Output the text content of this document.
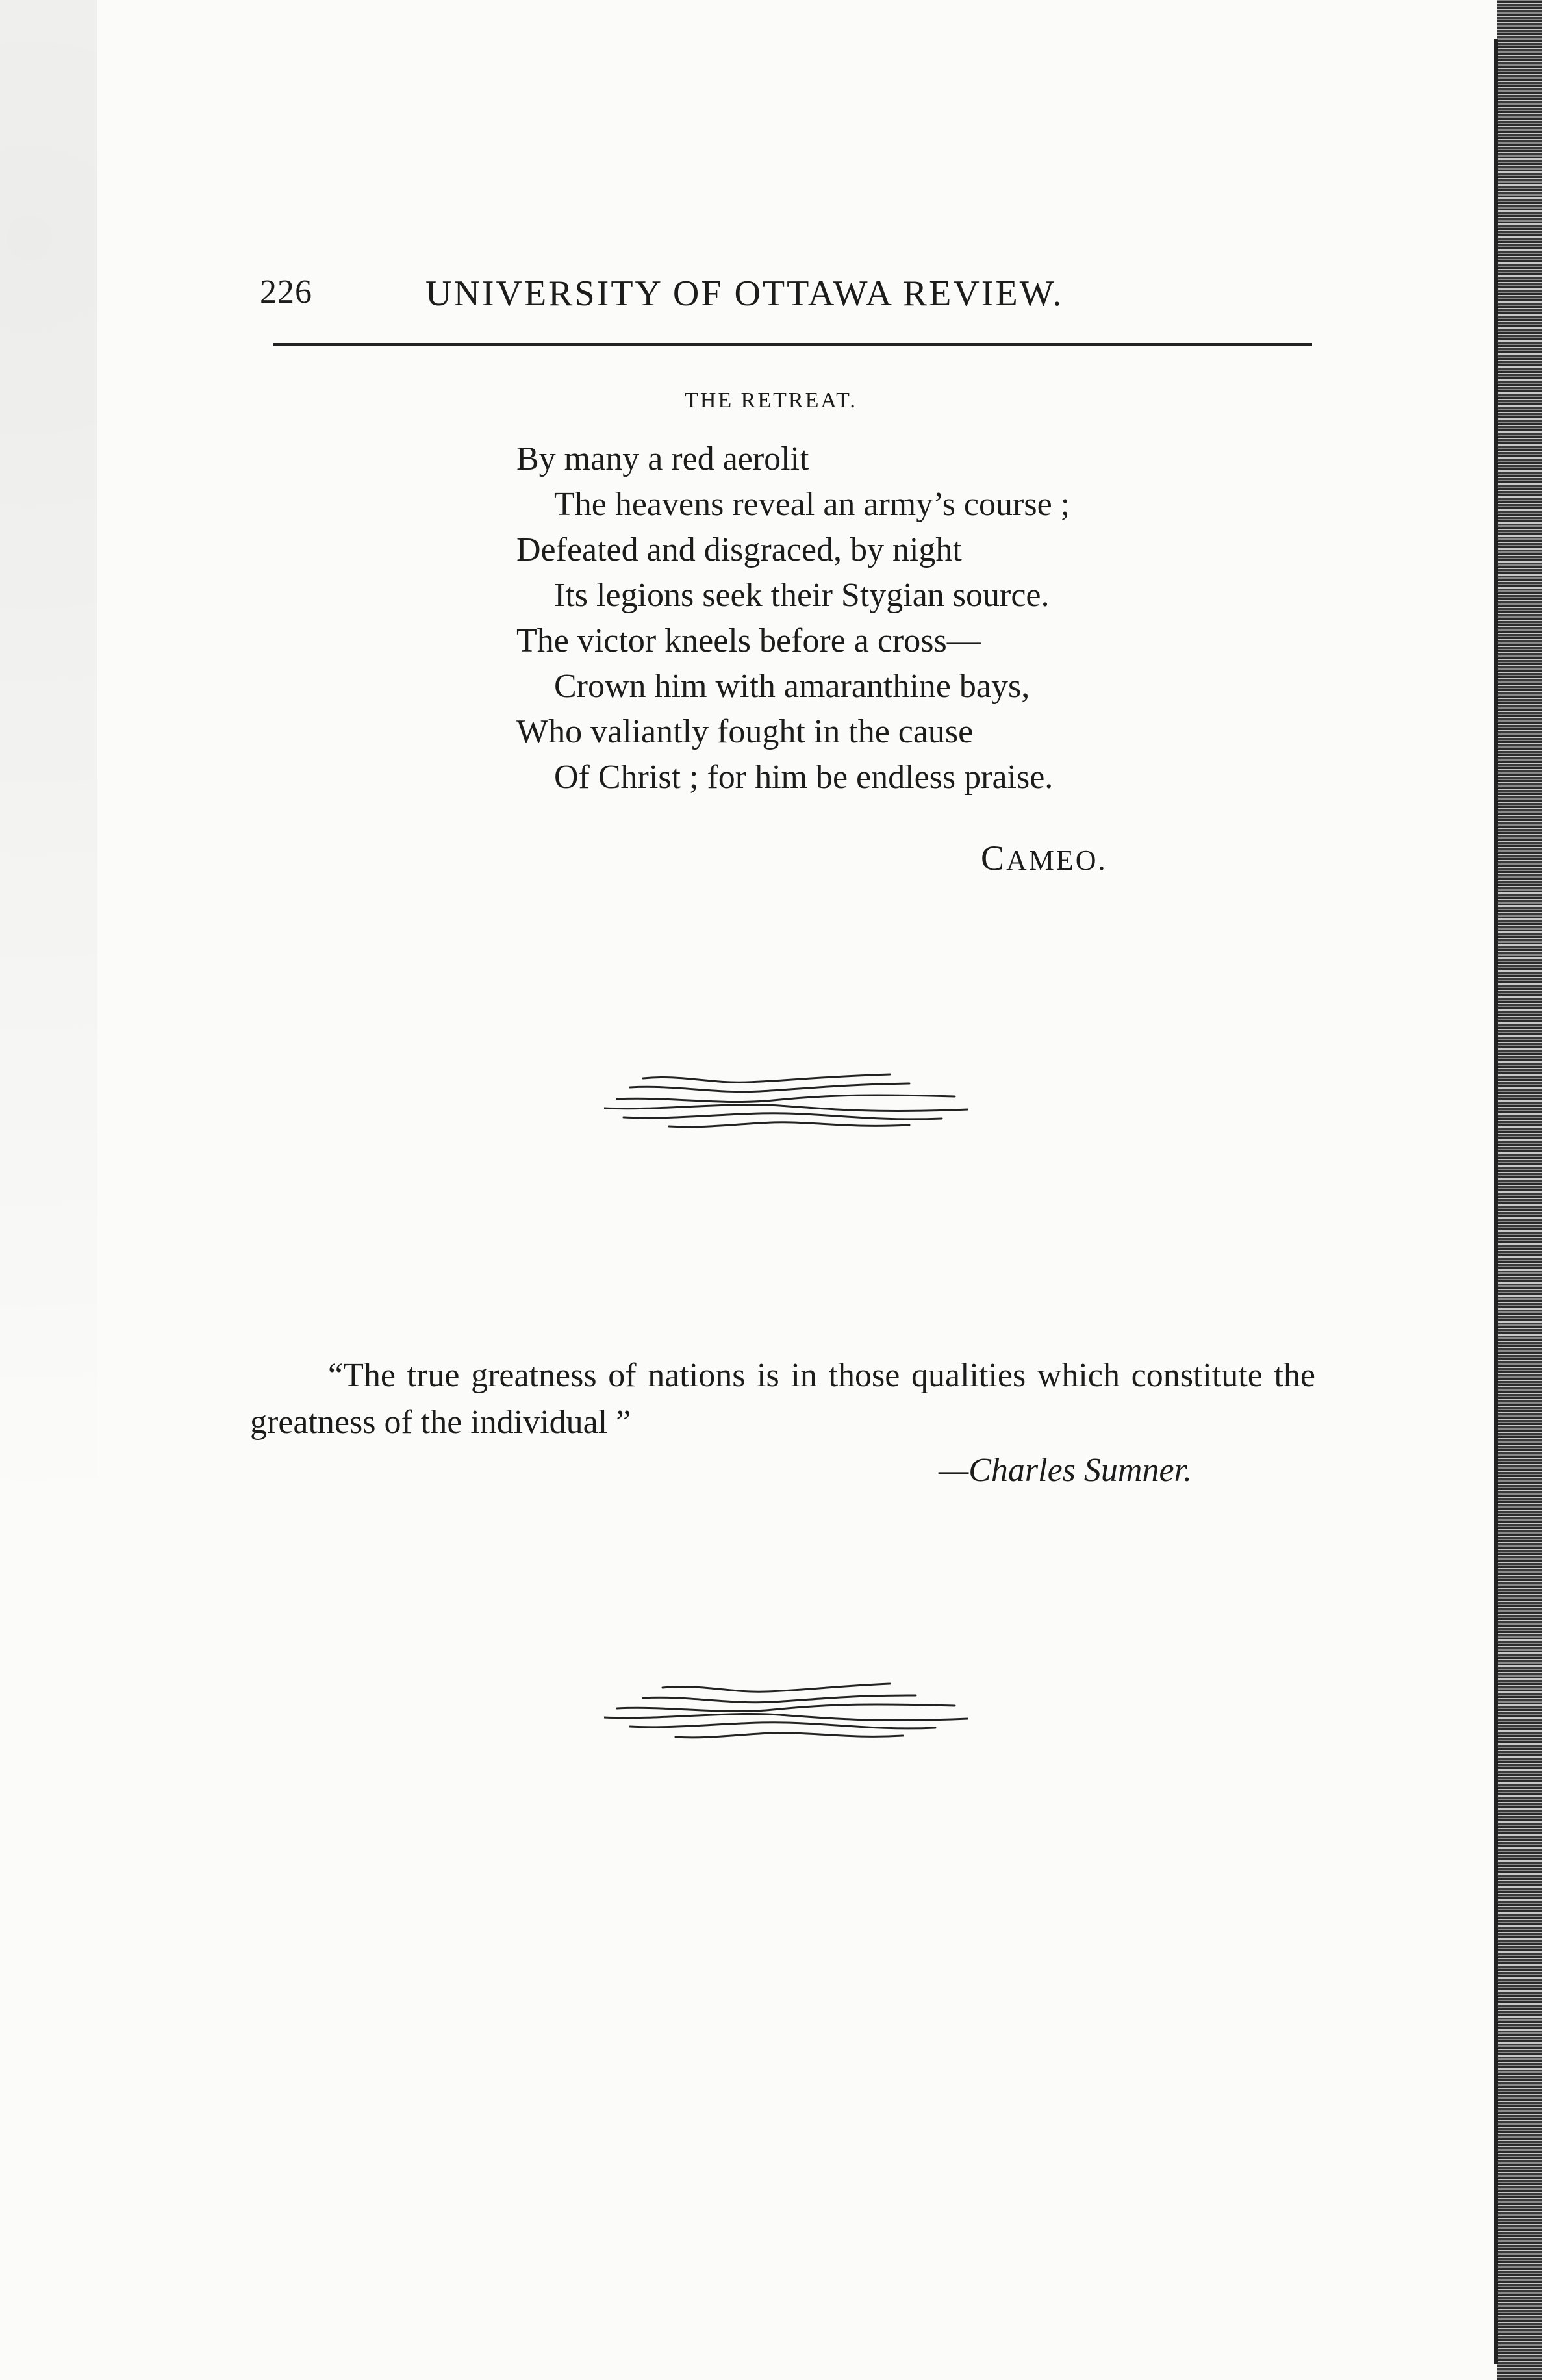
226	UNIVERSITY OF OTTAWA REVIEW.
THE RETREAT.
By many a red aerolit
The heavens reveal an army’s course ;
Defeated and disgraced, by night
Its legions seek their Stygian source.
The victor kneels before a cross—
Crown him with amaranthine bays,
Who valiantly fought in the cause
Of Christ ; for him be endless praise.
CAMEO.
“The true greatness of nations is in those qualities which constitute the greatness of the individual ”
—Charles Sumner.
